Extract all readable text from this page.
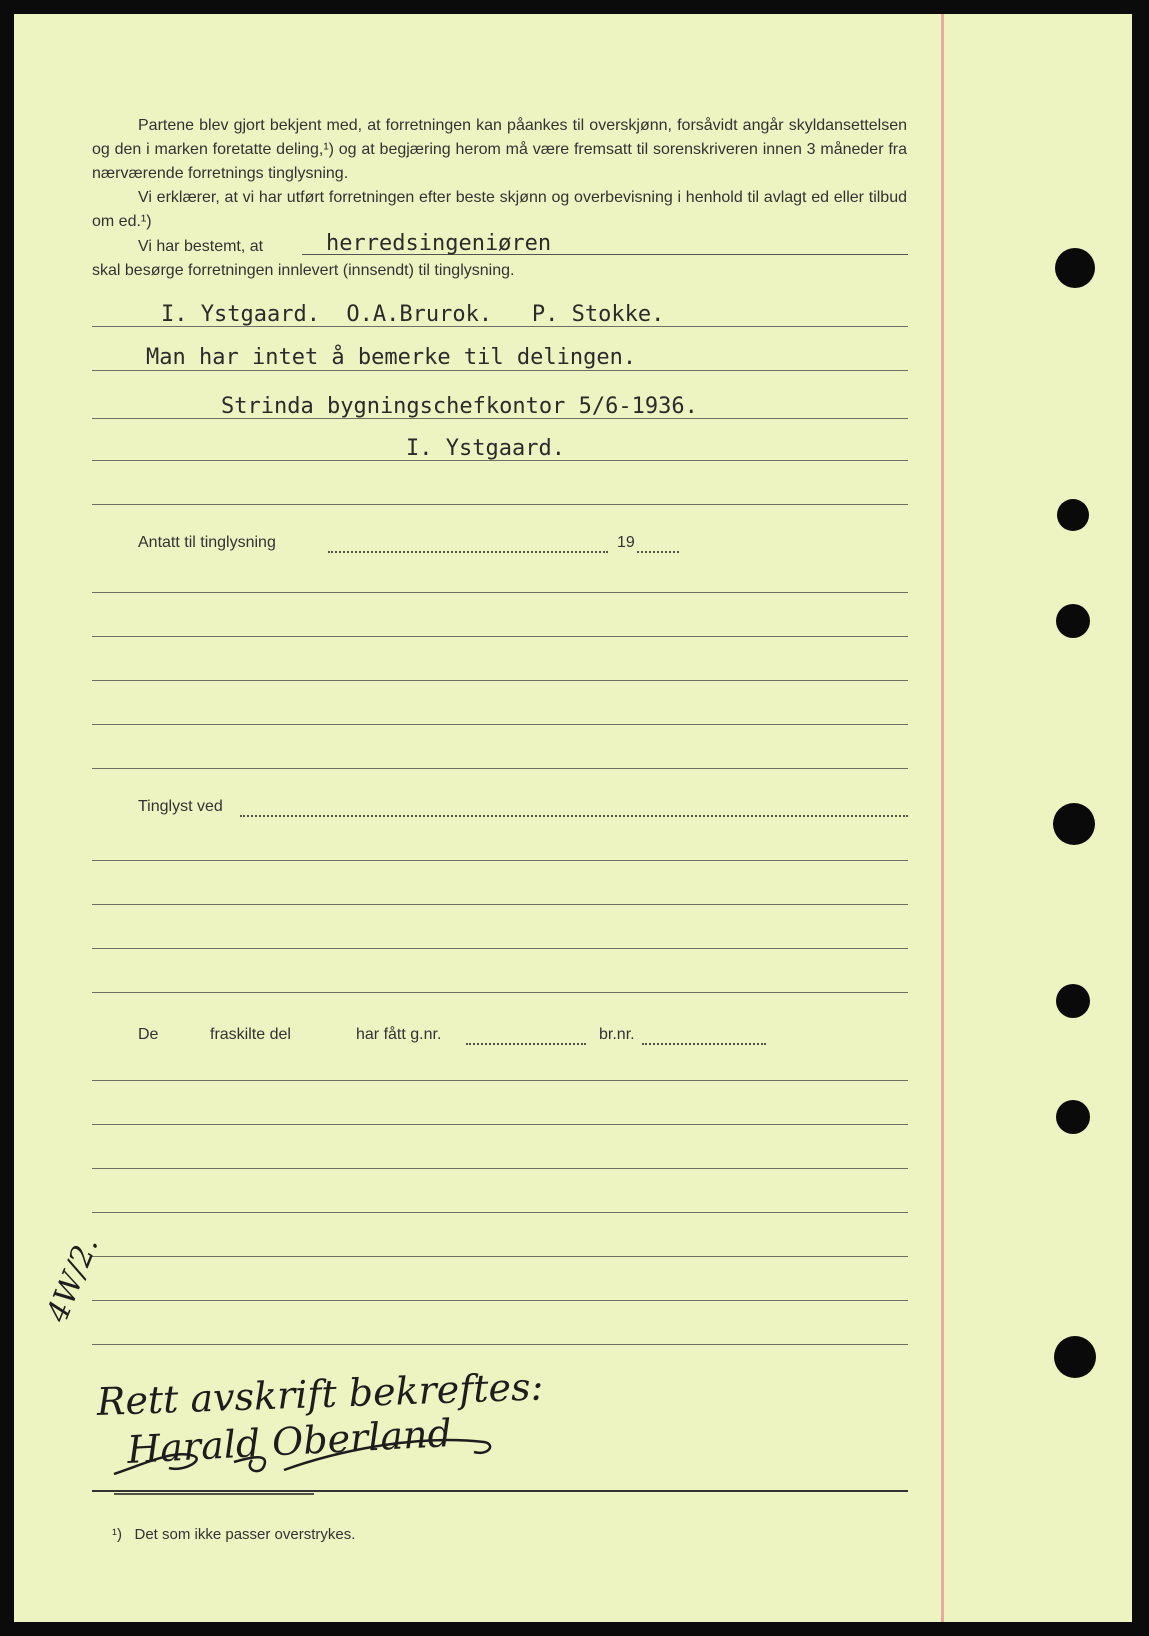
Partene blev gjort bekjent med, at forretningen kan påankes til overskjønn, forsåvidt angår skyldansettelsen og den i marken foretatte deling,¹) og at begjæring herom må være fremsatt til sorenskriveren innen 3 måneder fra nærværende forretnings tinglysning.
Vi erklærer, at vi har utført forretningen efter beste skjønn og overbevisning i henhold til avlagt ed eller tilbud om ed.¹)
Vi har bestemt, at	herredsingeniøren
skal besørge forretningen innlevert (innsendt) til tinglysning.
I. Ystgaard.  O.A.Brurok.   P. Stokke.
Man har intet å bemerke til delingen.
Strinda bygningschefkontor 5/6-1936.
I. Ystgaard.
Antatt til tinglysning	19
Tinglyst ved
De	fraskilte del	har fått g.nr.	br.nr.
Rett avskrift bekreftes:
Harald Oberland
4W/2.
¹)   Det som ikke passer overstrykes.
